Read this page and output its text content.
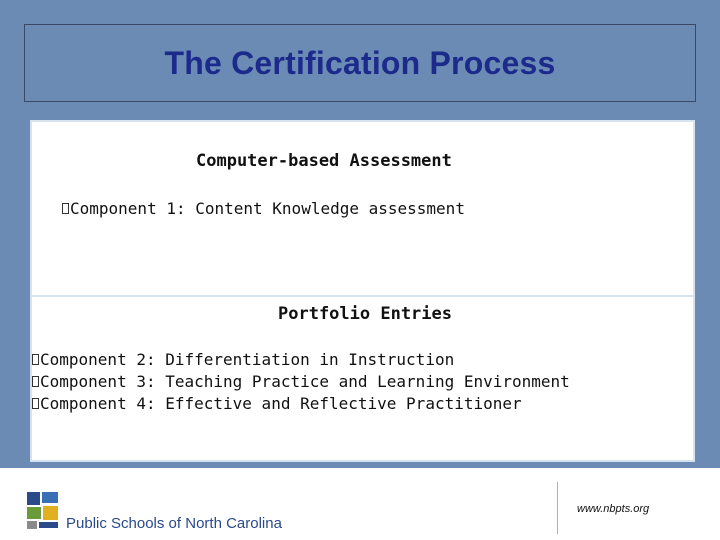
The Certification Process
Computer-based Assessment
Component 1: Content Knowledge assessment
Portfolio Entries
Component 2: Differentiation in Instruction
Component 3: Teaching Practice and Learning Environment
Component 4: Effective and Reflective Practitioner
Public Schools of North Carolina
www.nbpts.org
